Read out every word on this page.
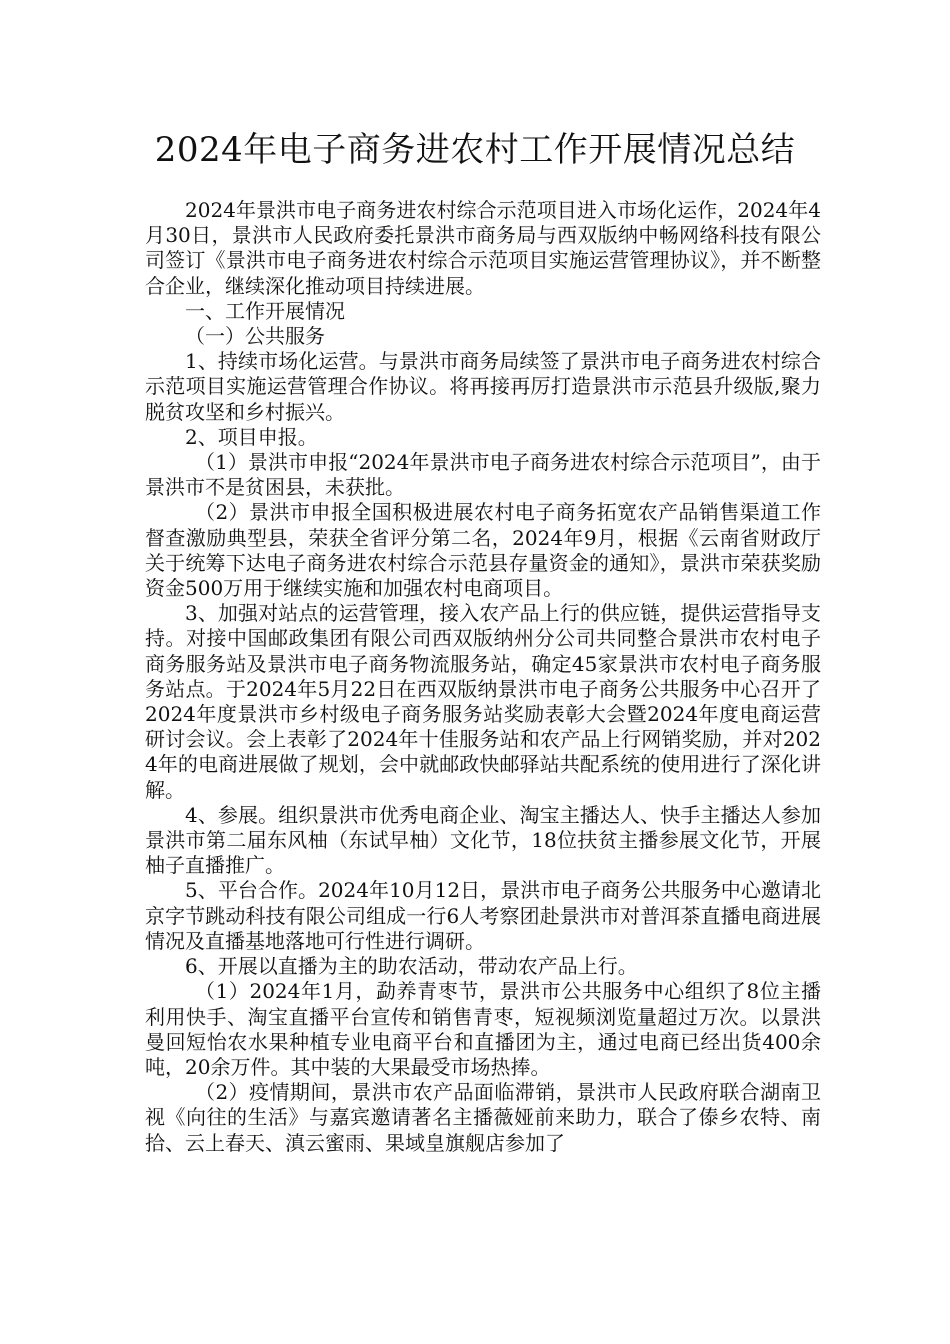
2024年电子商务进农村工作开展情况总结

2024年景洪市电子商务进农村综合示范项目进入市场化运作，2024年4月30日，景洪市人民政府委托景洪市商务局与西双版纳中畅网络科技有限公司签订《景洪市电子商务进农村综合示范项目实施运营管理协议》，并不断整合企业，继续深化推动项目持续进展。

一、工作开展情况

（一）公共服务

1、持续市场化运营。与景洪市商务局续签了景洪市电子商务进农村综合示范项目实施运营管理合作协议。将再接再厉打造景洪市示范县升级版,聚力脱贫攻坚和乡村振兴。

2、项目申报。

（1）景洪市申报“2024年景洪市电子商务进农村综合示范项目”，由于景洪市不是贫困县，未获批。

（2）景洪市申报全国积极进展农村电子商务拓宽农产品销售渠道工作督查激励典型县，荣获全省评分第二名，2024年9月，根据《云南省财政厅关于统筹下达电子商务进农村综合示范县存量资金的通知》，景洪市荣获奖励资金500万用于继续实施和加强农村电商项目。

3、加强对站点的运营管理，接入农产品上行的供应链，提供运营指导支持。对接中国邮政集团有限公司西双版纳州分公司共同整合景洪市农村电子商务服务站及景洪市电子商务物流服务站，确定45家景洪市农村电子商务服务站点。于2024年5月22日在西双版纳景洪市电子商务公共服务中心召开了2024年度景洪市乡村级电子商务服务站奖励表彰大会暨2024年度电商运营研讨会议。会上表彰了2024年十佳服务站和农产品上行网销奖励，并对2024年的电商进展做了规划，会中就邮政快邮驿站共配系统的使用进行了深化讲解。

4、参展。组织景洪市优秀电商企业、淘宝主播达人、快手主播达人参加景洪市第二届东风柚（东试早柚）文化节，18位扶贫主播参展文化节，开展柚子直播推广。

5、平台合作。2024年10月12日，景洪市电子商务公共服务中心邀请北京字节跳动科技有限公司组成一行6人考察团赴景洪市对普洱茶直播电商进展情况及直播基地落地可行性进行调研。

6、开展以直播为主的助农活动，带动农产品上行。

（1）2024年1月，勐养青枣节，景洪市公共服务中心组织了8位主播利用快手、淘宝直播平台宣传和销售青枣，短视频浏览量超过万次。以景洪曼回短怡农水果种植专业电商平台和直播团为主，通过电商已经出货400余吨，20余万件。其中装的大果最受市场热捧。

（2）疫情期间，景洪市农产品面临滞销，景洪市人民政府联合湖南卫视《向往的生活》与嘉宾邀请著名主播薇娅前来助力，联合了傣乡农特、南拾、云上春天、滇云蜜雨、果域皇旗舰店参加了
